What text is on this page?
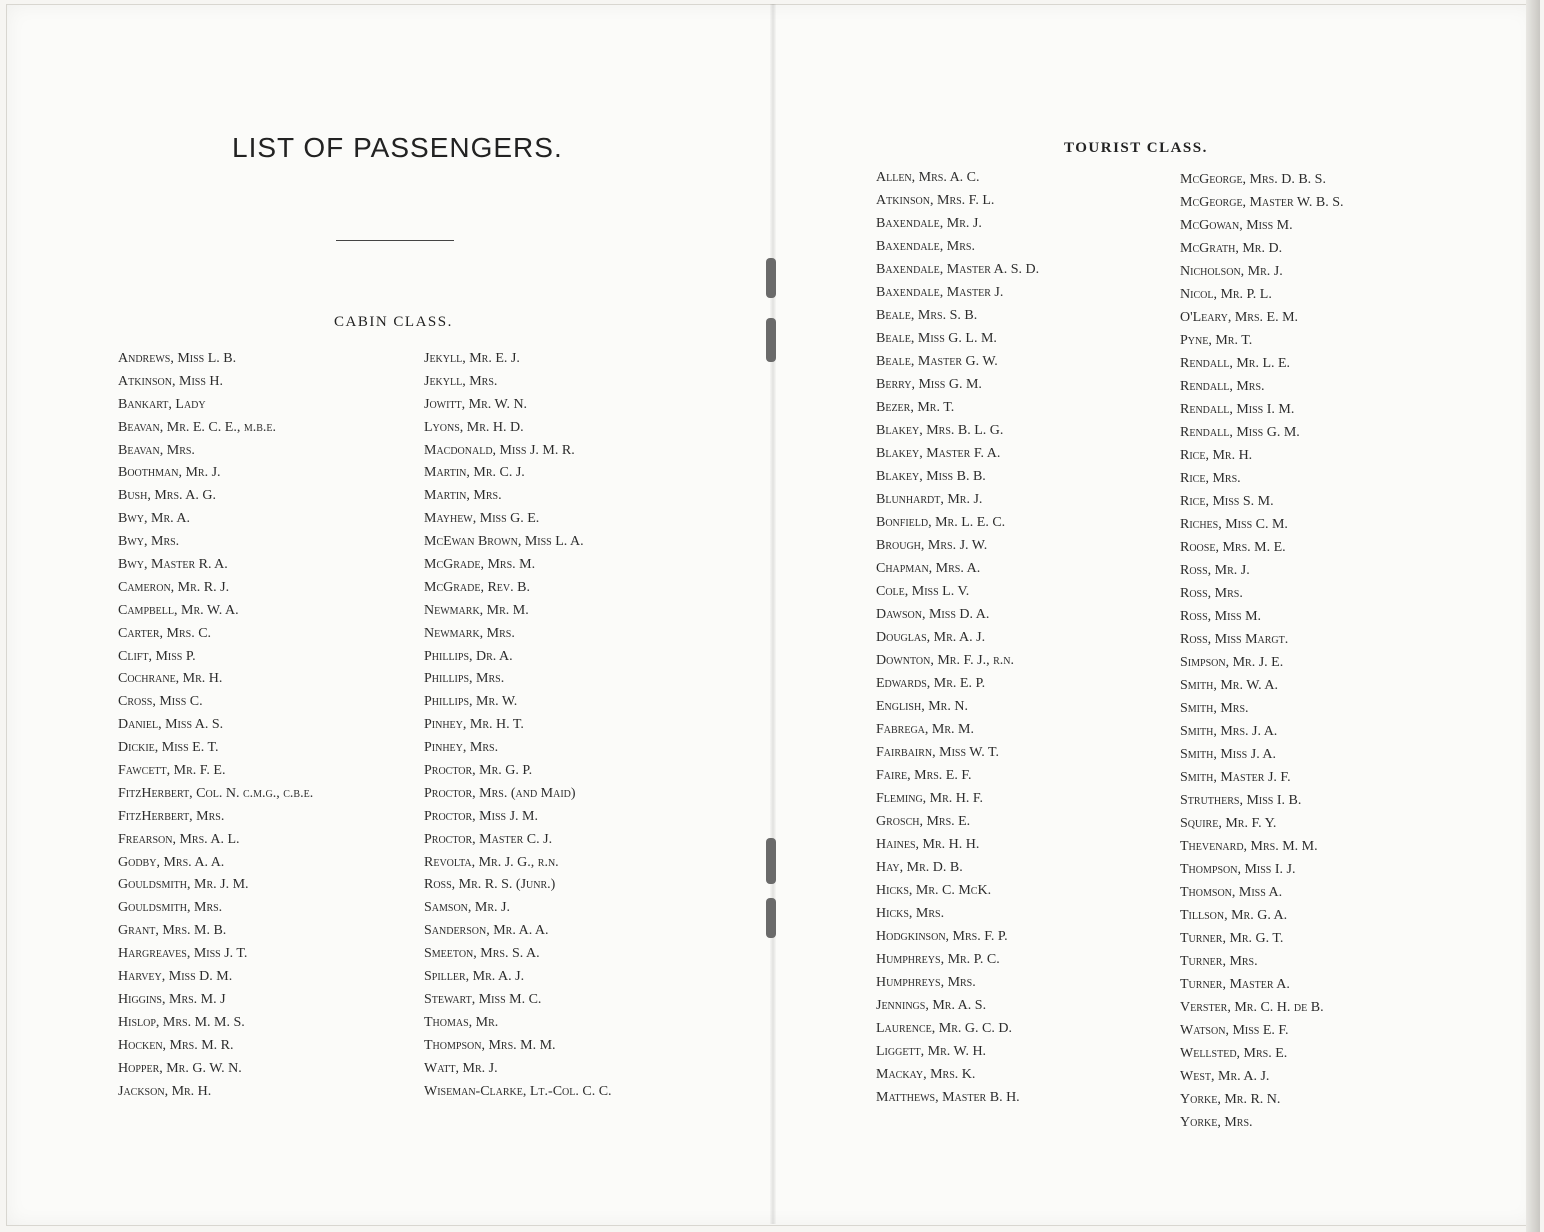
LIST OF PASSENGERS.
CABIN CLASS.
Andrews, Miss L. B.
Atkinson, Miss H.
Bankart, Lady
Beavan, Mr. E. C. E., m.b.e.
Beavan, Mrs.
Boothman, Mr. J.
Bush, Mrs. A. G.
Bwy, Mr. A.
Bwy, Mrs.
Bwy, Master R. A.
Cameron, Mr. R. J.
Campbell, Mr. W. A.
Carter, Mrs. C.
Clift, Miss P.
Cochrane, Mr. H.
Cross, Miss C.
Daniel, Miss A. S.
Dickie, Miss E. T.
Fawcett, Mr. F. E.
FitzHerbert, Col. N. c.m.g., c.b.e.
FitzHerbert, Mrs.
Frearson, Mrs. A. L.
Godby, Mrs. A. A.
Gouldsmith, Mr. J. M.
Gouldsmith, Mrs.
Grant, Mrs. M. B.
Hargreaves, Miss J. T.
Harvey, Miss D. M.
Higgins, Mrs. M. J
Hislop, Mrs. M. M. S.
Hocken, Mrs. M. R.
Hopper, Mr. G. W. N.
Jackson, Mr. H.
Jekyll, Mr. E. J.
Jekyll, Mrs.
Jowitt, Mr. W. N.
Lyons, Mr. H. D.
Macdonald, Miss J. M. R.
Martin, Mr. C. J.
Martin, Mrs.
Mayhew, Miss G. E.
McEwan Brown, Miss L. A.
McGrade, Mrs. M.
McGrade, Rev. B.
Newmark, Mr. M.
Newmark, Mrs.
Phillips, Dr. A.
Phillips, Mrs.
Phillips, Mr. W.
Pinhey, Mr. H. T.
Pinhey, Mrs.
Proctor, Mr. G. P.
Proctor, Mrs. (and Maid)
Proctor, Miss J. M.
Proctor, Master C. J.
Revolta, Mr. J. G., r.n.
Ross, Mr. R. S. (Junr.)
Samson, Mr. J.
Sanderson, Mr. A. A.
Smeeton, Mrs. S. A.
Spiller, Mr. A. J.
Stewart, Miss M. C.
Thomas, Mr.
Thompson, Mrs. M. M.
Watt, Mr. J.
Wiseman-Clarke, Lt.-Col. C. C.
TOURIST CLASS.
Allen, Mrs. A. C.
Atkinson, Mrs. F. L.
Baxendale, Mr. J.
Baxendale, Mrs.
Baxendale, Master A. S. D.
Baxendale, Master J.
Beale, Mrs. S. B.
Beale, Miss G. L. M.
Beale, Master G. W.
Berry, Miss G. M.
Bezer, Mr. T.
Blakey, Mrs. B. L. G.
Blakey, Master F. A.
Blakey, Miss B. B.
Blunhardt, Mr. J.
Bonfield, Mr. L. E. C.
Brough, Mrs. J. W.
Chapman, Mrs. A.
Cole, Miss L. V.
Dawson, Miss D. A.
Douglas, Mr. A. J.
Downton, Mr. F. J., r.n.
Edwards, Mr. E. P.
English, Mr. N.
Fabrega, Mr. M.
Fairbairn, Miss W. T.
Faire, Mrs. E. F.
Fleming, Mr. H. F.
Grosch, Mrs. E.
Haines, Mr. H. H.
Hay, Mr. D. B.
Hicks, Mr. C. McK.
Hicks, Mrs.
Hodgkinson, Mrs. F. P.
Humphreys, Mr. P. C.
Humphreys, Mrs.
Jennings, Mr. A. S.
Laurence, Mr. G. C. D.
Liggett, Mr. W. H.
Mackay, Mrs. K.
Matthews, Master B. H.
McGeorge, Mrs. D. B. S.
McGeorge, Master W. B. S.
McGowan, Miss M.
McGrath, Mr. D.
Nicholson, Mr. J.
Nicol, Mr. P. L.
O'Leary, Mrs. E. M.
Pyne, Mr. T.
Rendall, Mr. L. E.
Rendall, Mrs.
Rendall, Miss I. M.
Rendall, Miss G. M.
Rice, Mr. H.
Rice, Mrs.
Rice, Miss S. M.
Riches, Miss C. M.
Roose, Mrs. M. E.
Ross, Mr. J.
Ross, Mrs.
Ross, Miss M.
Ross, Miss Margt.
Simpson, Mr. J. E.
Smith, Mr. W. A.
Smith, Mrs.
Smith, Mrs. J. A.
Smith, Miss J. A.
Smith, Master J. F.
Struthers, Miss I. B.
Squire, Mr. F. Y.
Thevenard, Mrs. M. M.
Thompson, Miss I. J.
Thomson, Miss A.
Tillson, Mr. G. A.
Turner, Mr. G. T.
Turner, Mrs.
Turner, Master A.
Verster, Mr. C. H. de B.
Watson, Miss E. F.
Wellsted, Mrs. E.
West, Mr. A. J.
Yorke, Mr. R. N.
Yorke, Mrs.
